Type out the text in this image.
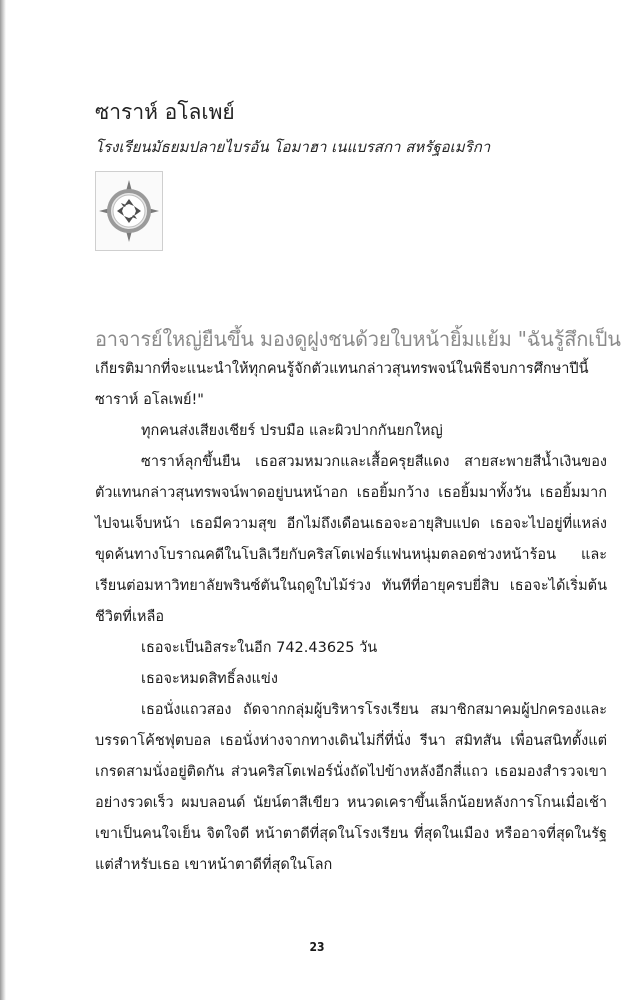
ซาราห์ อโลเพย์
โรงเรียนมัธยมปลายไบรอัน โอมาฮา เนแบรสกา สหรัฐอเมริกา

อาจารย์ใหญ่ยืนขึ้น มองดูฝูงชนด้วยใบหน้ายิ้มแย้ม "ฉันรู้สึกเป็น

เกียรติมากที่จะแนะนำให้ทุกคนรู้จักตัวแทนกล่าวสุนทรพจน์ในพิธีจบการศึกษาปีนี้ ซาราห์ อโลเพย์!"

ทุกคนส่งเสียงเชียร์ ปรบมือ และผิวปากกันยกใหญ่

ซาราห์ลุกขึ้นยืน เธอสวมหมวกและเสื้อครุยสีแดง สายสะพายสีน้ำเงินของตัวแทนกล่าวสุนทรพจน์พาดอยู่บนหน้าอก เธอยิ้มกว้าง เธอยิ้มมาทั้งวัน เธอยิ้มมากไปจนเจ็บหน้า เธอมีความสุข อีกไม่ถึงเดือนเธอจะอายุสิบแปด เธอจะไปอยู่ที่แหล่งขุดค้นทางโบราณคดีในโบลิเวียกับคริสโตเฟอร์แฟนหนุ่มตลอดช่วงหน้าร้อน และเรียนต่อมหาวิทยาลัยพรินซ์ตันในฤดูใบไม้ร่วง ทันทีที่อายุครบยี่สิบ เธอจะได้เริ่มต้นชีวิตที่เหลือ

เธอจะเป็นอิสระในอีก 742.43625 วัน

เธอจะหมดสิทธิ์ลงแข่ง

เธอนั่งแถวสอง ถัดจากกลุ่มผู้บริหารโรงเรียน สมาชิกสมาคมผู้ปกครองและบรรดาโค้ชฟุตบอล เธอนั่งห่างจากทางเดินไม่กี่ที่นั่ง รีนา สมิทสัน เพื่อนสนิทตั้งแต่เกรดสามนั่งอยู่ติดกัน ส่วนคริสโตเฟอร์นั่งถัดไปข้างหลังอีกสี่แถว เธอมองสำรวจเขาอย่างรวดเร็ว ผมบลอนด์ นัยน์ตาสีเขียว หนวดเคราขึ้นเล็กน้อยหลังการโกนเมื่อเช้า เขาเป็นคนใจเย็น จิตใจดี หน้าตาดีที่สุดในโรงเรียน ที่สุดในเมือง หรืออาจที่สุดในรัฐ แต่สำหรับเธอ เขาหน้าตาดีที่สุดในโลก

23
